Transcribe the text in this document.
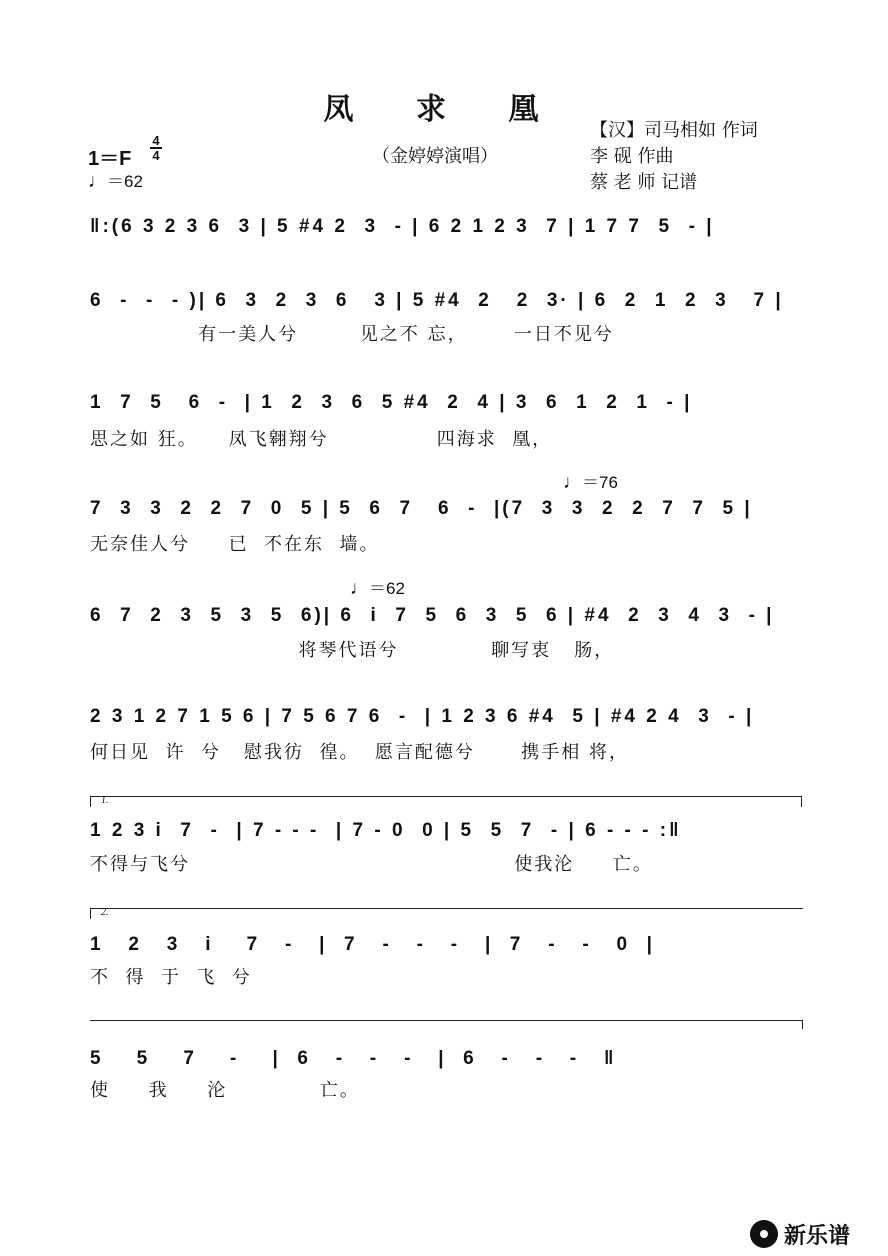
凤 求 凰
【汉】司马相如 作词
李 砚 作曲
蔡 老 师 记谱
（金婷婷演唱）
1＝F
4
4
♩＝62
‖:(6 3 2 3 6  3 | 5 #4 2  3  - | 6 2 1 2 3  7 | 1 7 7  5  - |
6  -  -  - )| 6  3  2  3  6   3 | 5 #4  2   2  3· | 6  2  1  2  3   7 |
有一美人兮        见之不 忘，      一日不见兮
1  7  5   6  -  | 1  2  3  6  5 #4  2  4 | 3  6  1  2  1  - |
思之如 狂。    凤飞翱翔兮              四海求  凰，
♩＝76
7  3  3  2  2  7  0  5 | 5  6  7   6  -  |(7  3  3  2  2  7  7  5 |
无奈佳人兮     已  不在东  墙。
♩＝62
6  7  2  3  5  3  5  6)| 6  i  7  5  6  3  5  6 | #4  2  3  4  3  - |
将琴代语兮            聊写衷   肠，
2 3 1 2 7 1 5 6 | 7 5 6 7 6  -  | 1 2 3 6 #4  5 | #4 2 4  3  - |
何日见  许  兮   慰我彷  徨。  愿言配德兮      携手相 将，
1.
1 2 3 i  7  -  | 7 - - -  | 7 - 0  0 | 5  5  7  - | 6 - - - :‖
不得与飞兮                                          使我沦     亡。
2.
1   2   3   i    7   -   |  7   -   -   -   |  7   -   -   0  |
不  得  于  飞  兮
5    5    7    -    |  6   -   -   -   |  6   -   -   -   ‖
使     我     沦            亡。
新乐谱
